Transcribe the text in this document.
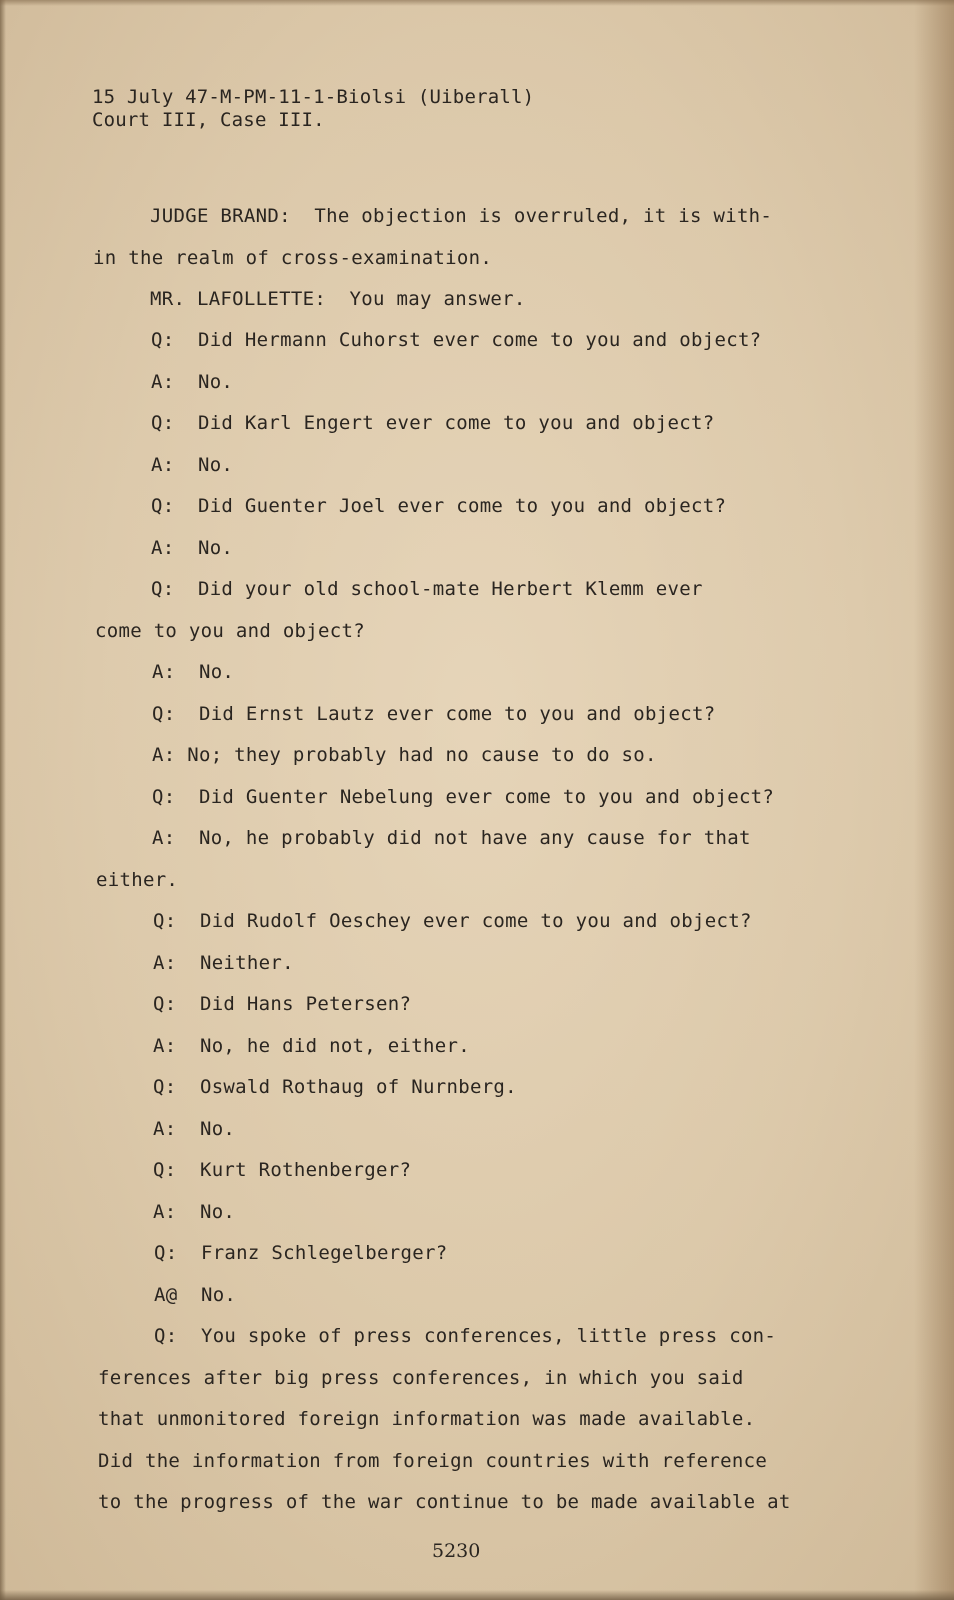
15 July 47-M-PM-11-1-Biolsi (Uiberall)
Court III, Case III.
JUDGE BRAND:  The objection is overruled, it is with-
in the realm of cross-examination.
MR. LAFOLLETTE:  You may answer.
Q:  Did Hermann Cuhorst ever come to you and object?
A:  No.
Q:  Did Karl Engert ever come to you and object?
A:  No.
Q:  Did Guenter Joel ever come to you and object?
A:  No.
Q:  Did your old school-mate Herbert Klemm ever
come to you and object?
A:  No.
Q:  Did Ernst Lautz ever come to you and object?
A: No; they probably had no cause to do so.
Q:  Did Guenter Nebelung ever come to you and object?
A:  No, he probably did not have any cause for that
either.
Q:  Did Rudolf Oeschey ever come to you and object?
A:  Neither.
Q:  Did Hans Petersen?
A:  No, he did not, either.
Q:  Oswald Rothaug of Nurnberg.
A:  No.
Q:  Kurt Rothenberger?
A:  No.
Q:  Franz Schlegelberger?
A@  No.
Q:  You spoke of press conferences, little press con-
ferences after big press conferences, in which you said
that unmonitored foreign information was made available.
Did the information from foreign countries with reference
to the progress of the war continue to be made available at
5230
